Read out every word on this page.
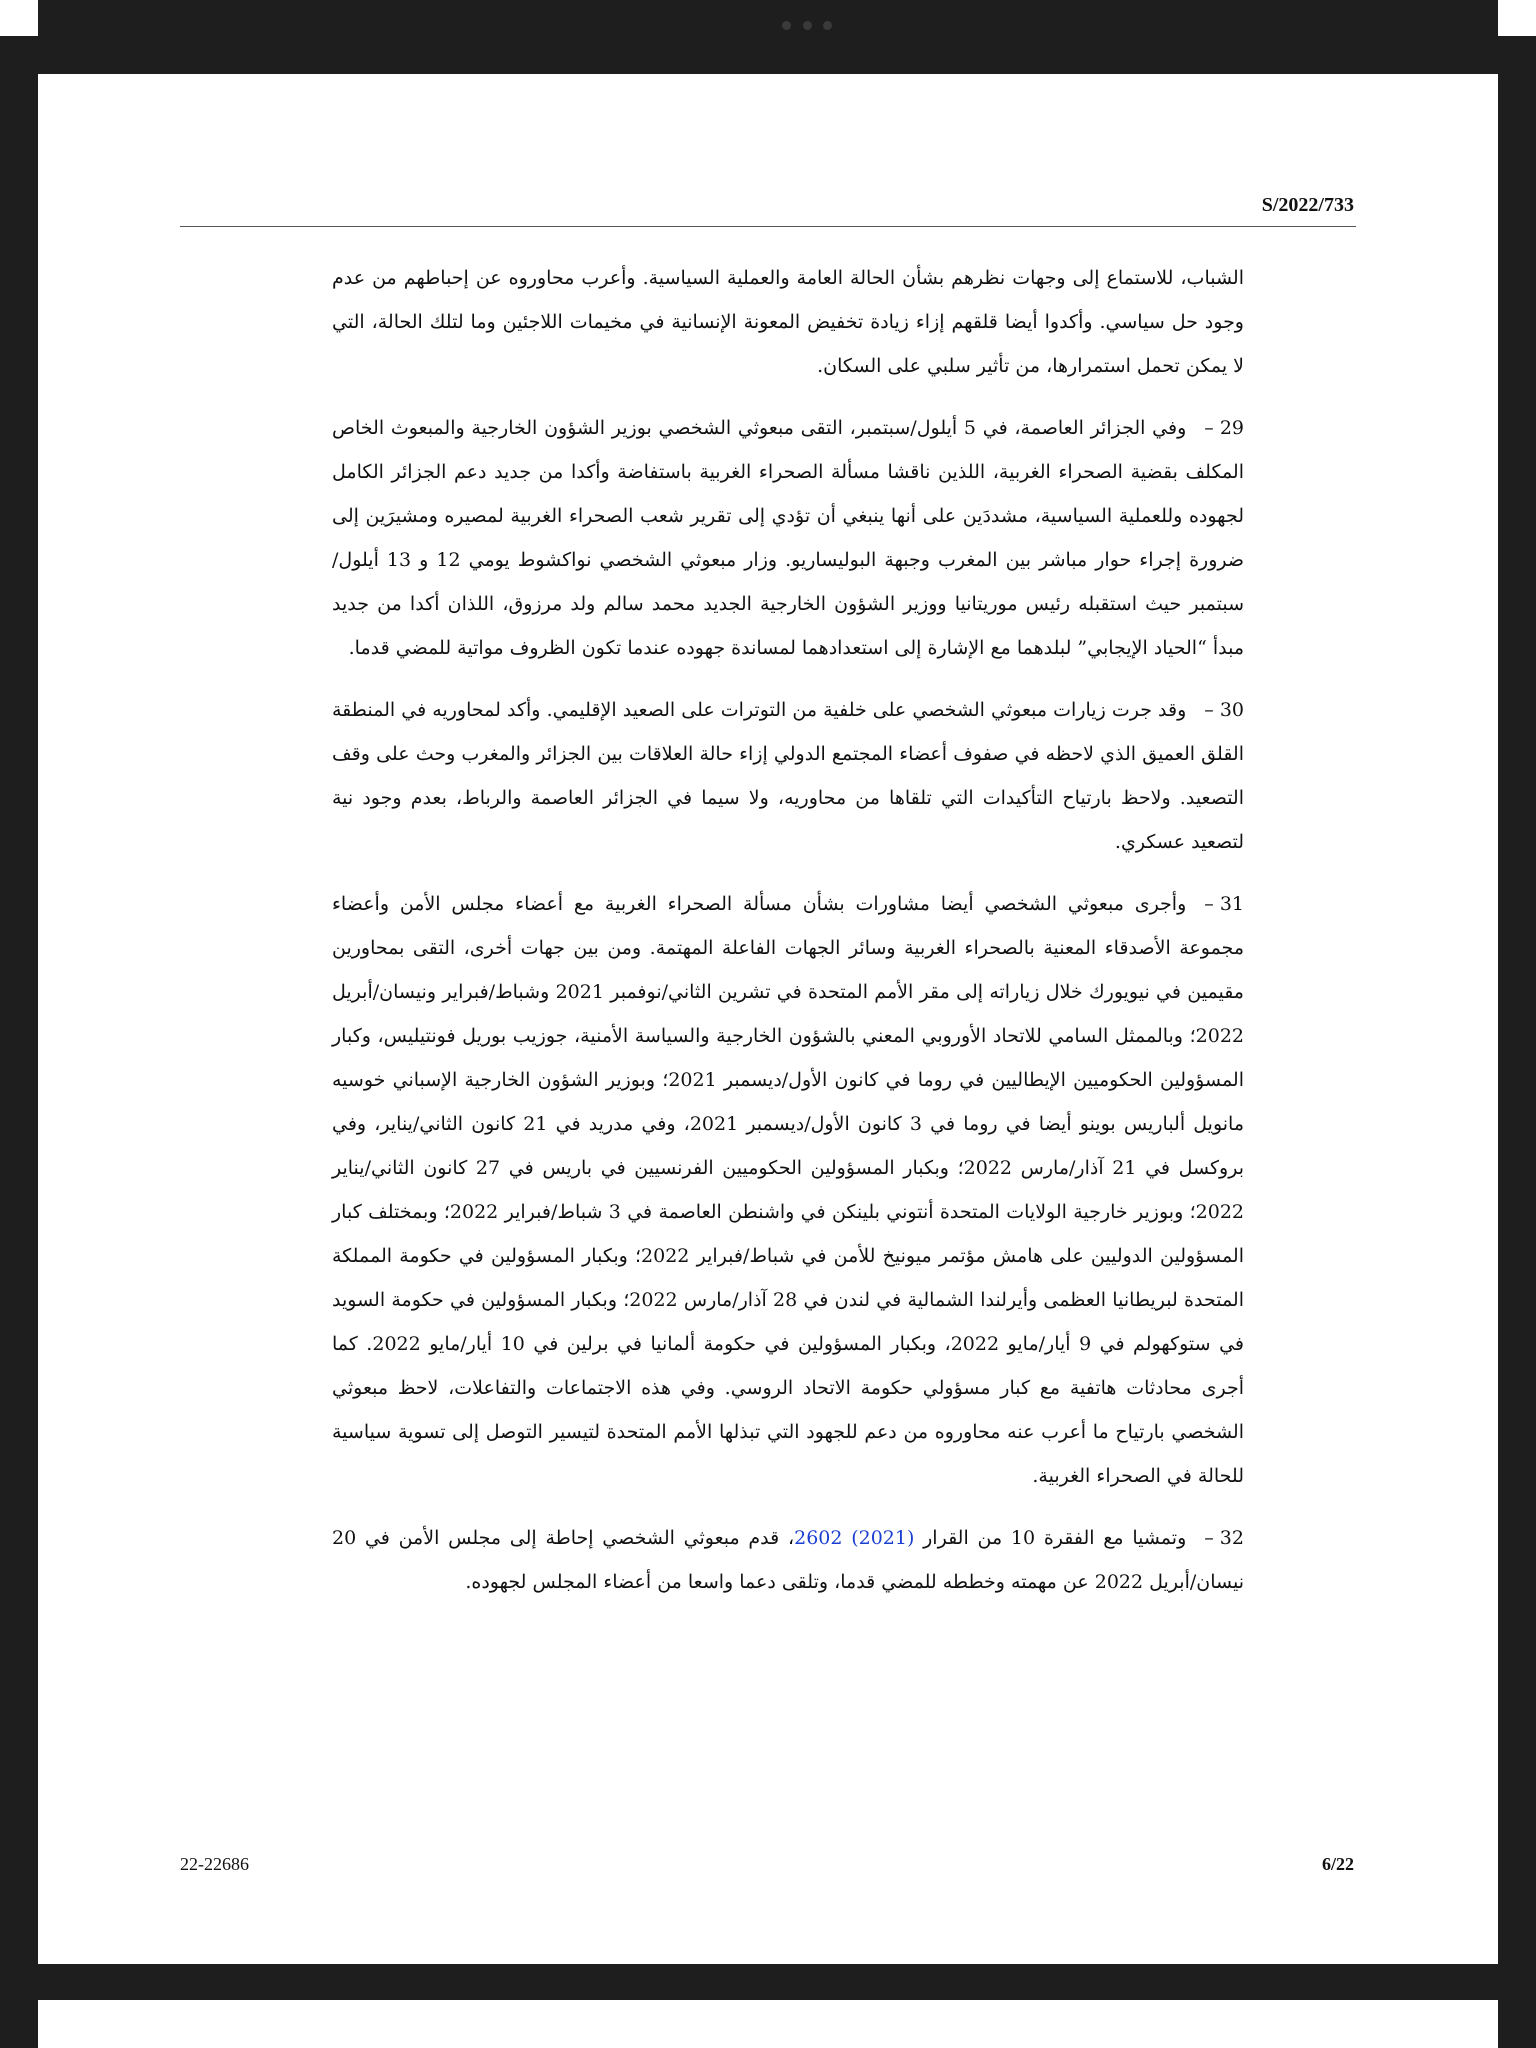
S/2022/733

الشباب، للاستماع إلى وجهات نظرهم بشأن الحالة العامة والعملية السياسية. وأعرب محاوروه عن إحباطهم من عدم وجود حل سياسي. وأكدوا أيضا قلقهم إزاء زيادة تخفيض المعونة الإنسانية في مخيمات اللاجئين وما لتلك الحالة، التي لا يمكن تحمل استمرارها، من تأثير سلبي على السكان.

29 –وفي الجزائر العاصمة، في 5 أيلول/سبتمبر، التقى مبعوثي الشخصي بوزير الشؤون الخارجية والمبعوث الخاص المكلف بقضية الصحراء الغربية، اللذين ناقشا مسألة الصحراء الغربية باستفاضة وأكدا من جديد دعم الجزائر الكامل لجهوده وللعملية السياسية، مشددَين على أنها ينبغي أن تؤدي إلى تقرير شعب الصحراء الغربية لمصيره ومشيرَين إلى ضرورة إجراء حوار مباشر بين المغرب وجبهة البوليساريو. وزار مبعوثي الشخصي نواكشوط يومي 12 و 13 أيلول/سبتمبر حيث استقبله رئيس موريتانيا ووزير الشؤون الخارجية الجديد محمد سالم ولد مرزوق، اللذان أكدا من جديد مبدأ “الحياد الإيجابي” لبلدهما مع الإشارة إلى استعدادهما لمساندة جهوده عندما تكون الظروف مواتية للمضي قدما.

30 –وقد جرت زيارات مبعوثي الشخصي على خلفية من التوترات على الصعيد الإقليمي. وأكد لمحاوريه في المنطقة القلق العميق الذي لاحظه في صفوف أعضاء المجتمع الدولي إزاء حالة العلاقات بين الجزائر والمغرب وحث على وقف التصعيد. ولاحظ بارتياح التأكيدات التي تلقاها من محاوريه، ولا سيما في الجزائر العاصمة والرباط، بعدم وجود نية لتصعيد عسكري.

31 –وأجرى مبعوثي الشخصي أيضا مشاورات بشأن مسألة الصحراء الغربية مع أعضاء مجلس الأمن وأعضاء مجموعة الأصدقاء المعنية بالصحراء الغربية وسائر الجهات الفاعلة المهتمة. ومن بين جهات أخرى، التقى بمحاورين مقيمين في نيويورك خلال زياراته إلى مقر الأمم المتحدة في تشرين الثاني/نوفمبر 2021 وشباط/فبراير ونيسان/أبريل 2022؛ وبالممثل السامي للاتحاد الأوروبي المعني بالشؤون الخارجية والسياسة الأمنية، جوزيب بوريل فونتيليس، وكبار المسؤولين الحكوميين الإيطاليين في روما في كانون الأول/ديسمبر 2021؛ وبوزير الشؤون الخارجية الإسباني خوسيه مانويل ألباريس بوينو أيضا في روما في 3 كانون الأول/ديسمبر 2021، وفي مدريد في 21 كانون الثاني/يناير، وفي بروكسل في 21 آذار/مارس 2022؛ وبكبار المسؤولين الحكوميين الفرنسيين في باريس في 27 كانون الثاني/يناير 2022؛ وبوزير خارجية الولايات المتحدة أنتوني بلينكن في واشنطن العاصمة في 3 شباط/فبراير 2022؛ وبمختلف كبار المسؤولين الدوليين على هامش مؤتمر ميونيخ للأمن في شباط/فبراير 2022؛ وبكبار المسؤولين في حكومة المملكة المتحدة لبريطانيا العظمى وأيرلندا الشمالية في لندن في 28 آذار/مارس 2022؛ وبكبار المسؤولين في حكومة السويد في ستوكهولم في 9 أيار/مايو 2022، وبكبار المسؤولين في حكومة ألمانيا في برلين في 10 أيار/مايو 2022. كما أجرى محادثات هاتفية مع كبار مسؤولي حكومة الاتحاد الروسي. وفي هذه الاجتماعات والتفاعلات، لاحظ مبعوثي الشخصي بارتياح ما أعرب عنه محاوروه من دعم للجهود التي تبذلها الأمم المتحدة لتيسير التوصل إلى تسوية سياسية للحالة في الصحراء الغربية.

32 –وتمشيا مع الفقرة 10 من القرار 2602 (2021)، قدم مبعوثي الشخصي إحاطة إلى مجلس الأمن في 20 نيسان/أبريل 2022 عن مهمته وخططه للمضي قدما، وتلقى دعما واسعا من أعضاء المجلس لجهوده.

22-22686	6/22
